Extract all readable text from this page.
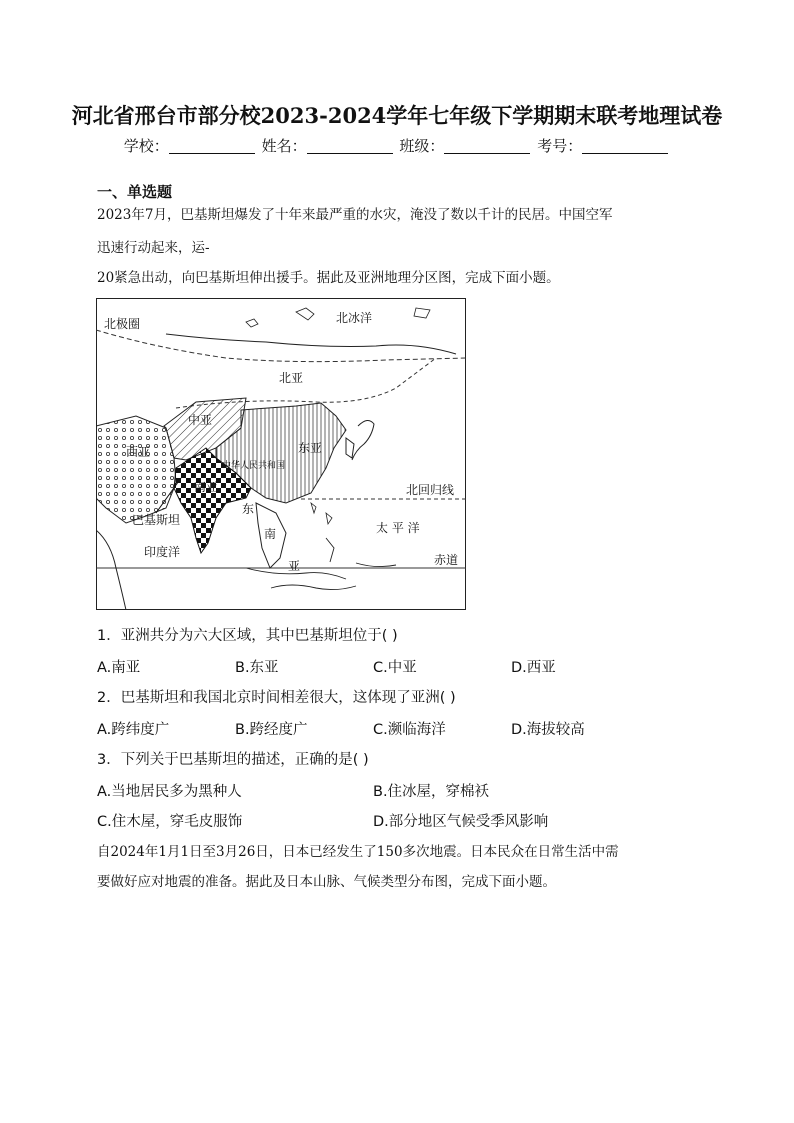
河北省邢台市部分校2023-2024学年七年级下学期期末联考地理试卷
学校：	姓名：	班级：	考号：
一、单选题
2023年7月，巴基斯坦爆发了十年来最严重的水灾，淹没了数以千计的民居。中国空军
迅速行动起来，运-
20紧急出动，向巴基斯坦伸出援手。据此及亚洲地理分区图，完成下面小题。
北极圈	北冰洋
北亚
中亚
东亚
西亚
中华人民共和国
南亚
巴基斯坦
北回归线
太 平 洋
印度洋
赤道
东
南
亚
1．亚洲共分为六大区域，其中巴基斯坦位于( )
A.南亚	B.东亚	C.中亚	D.西亚
2．巴基斯坦和我国北京时间相差很大，这体现了亚洲( )
A.跨纬度广	B.跨经度广	C.濒临海洋	D.海拔较高
3．下列关于巴基斯坦的描述，正确的是( )
A.当地居民多为黑种人	B.住冰屋，穿棉袄
C.住木屋，穿毛皮服饰	D.部分地区气候受季风影响
自2024年1月1日至3月26日，日本已经发生了150多次地震。日本民众在日常生活中需
要做好应对地震的准备。据此及日本山脉、气候类型分布图，完成下面小题。
